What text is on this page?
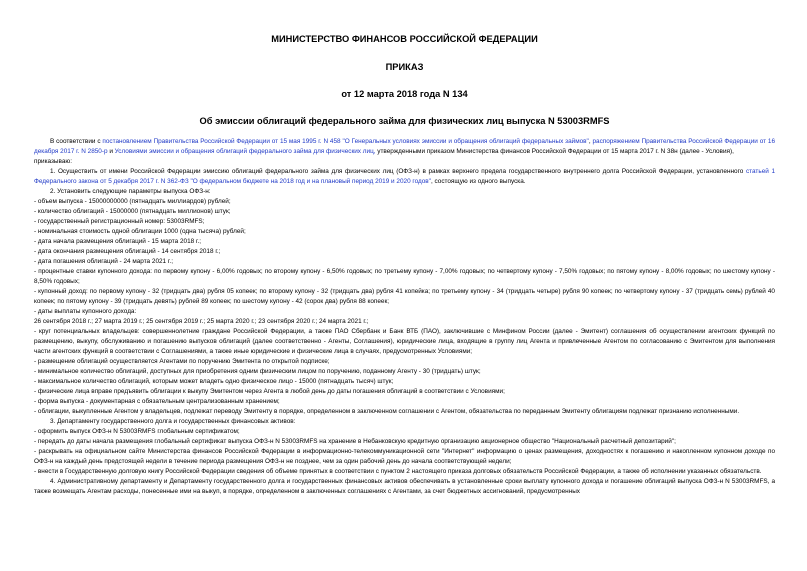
МИНИСТЕРСТВО ФИНАНСОВ РОССИЙСКОЙ ФЕДЕРАЦИИ
ПРИКАЗ
от 12 марта 2018 года N 134
Об эмиссии облигаций федерального займа для физических лиц выпуска N 53003RMFS

В соответствии с постановлением Правительства Российской Федерации от 15 мая 1995 г. N 458 "О Генеральных условиях эмиссии и обращения облигаций федеральных займов", распоряжением Правительства Российской Федерации от 16 декабря 2017 г. N 2850-р и Условиями эмиссии и обращения облигаций федерального займа для физических лиц, утвержденными приказом Министерства финансов Российской Федерации от 15 марта 2017 г. N 38н (далее - Условия),

приказываю:

1. Осуществить от имени Российской Федерации эмиссию облигаций федерального займа для физических лиц (ОФЗ-н) в рамках верхнего предела государственного внутреннего долга Российской Федерации, установленного статьей 1 Федерального закона от 5 декабря 2017 г. N 362-ФЗ "О федеральном бюджете на 2018 год и на плановый период 2019 и 2020 годов", состоящую из одного выпуска.

2. Установить следующие параметры выпуска ОФЗ-н:

- объем выпуска - 15000000000 (пятнадцать миллиардов) рублей;

- количество облигаций - 15000000 (пятнадцать миллионов) штук;

- государственный регистрационный номер: 53003RMFS;

- номинальная стоимость одной облигации 1000 (одна тысяча) рублей;

- дата начала размещения облигаций - 15 марта 2018 г.;

- дата окончания размещения облигаций - 14 сентября 2018 г.;

- дата погашения облигаций - 24 марта 2021 г.;

- процентные ставки купонного дохода: по первому купону - 6,00% годовых; по второму купону - 6,50% годовых; по третьему купону - 7,00% годовых; по четвертому купону - 7,50% годовых; по пятому купону - 8,00% годовых; по шестому купону - 8,50% годовых;

- купонный доход: по первому купону - 32 (тридцать два) рубля 05 копеек; по второму купону - 32 (тридцать два) рубля 41 копейка; по третьему купону - 34 (тридцать четыре) рубля 90 копеек; по четвертому купону - 37 (тридцать семь) рублей 40 копеек; по пятому купону - 39 (тридцать девять) рублей 89 копеек; по шестому купону - 42 (сорок два) рубля 88 копеек;

- даты выплаты купонного дохода:

26 сентября 2018 г.; 27 марта 2019 г.; 25 сентября 2019 г.; 25 марта 2020 г.; 23 сентября 2020 г.; 24 марта 2021 г.;

- круг потенциальных владельцев: совершеннолетние граждане Российской Федерации, а также ПАО Сбербанк и Банк ВТБ (ПАО), заключившие с Минфином России (далее - Эмитент) соглашения об осуществлении агентских функций по размещению, выкупу, обслуживанию и погашению выпусков облигаций (далее соответственно - Агенты, Соглашения), юридические лица, входящие в группу лиц Агента и привлеченные Агентом по согласованию с Эмитентом для выполнения части агентских функций в соответствии с Соглашениями, а также иные юридические и физические лица в случаях, предусмотренных Условиями;

- размещение облигаций осуществляется Агентами по поручению Эмитента по открытой подписке;

- минимальное количество облигаций, доступных для приобретения одним физическим лицом по поручению, поданному Агенту - 30 (тридцать) штук;

- максимальное количество облигаций, которым может владеть одно физическое лицо - 15000 (пятнадцать тысяч) штук;

- физические лица вправе предъявить облигации к выкупу Эмитентом через Агента в любой день до даты погашения облигаций в соответствии с Условиями;

- форма выпуска - документарная с обязательным централизованным хранением;

- облигации, выкупленные Агентом у владельцев, подлежат переводу Эмитенту в порядке, определенном в заключенном соглашении с Агентом, обязательства по переданным Эмитенту облигациям подлежат признанию исполненными.

3. Департаменту государственного долга и государственных финансовых активов:

- оформить выпуск ОФЗ-н N 53003RMFS глобальным сертификатом;

- передать до даты начала размещения глобальный сертификат выпуска ОФЗ-н N 53003RMFS на хранение в Небанковскую кредитную организацию акционерное общество "Национальный расчетный депозитарий";

- раскрывать на официальном сайте Министерства финансов Российской Федерации в информационно-телекоммуникационной сети "Интернет" информацию о ценах размещения, доходностях к погашению и накопленном купонном доходе по ОФЗ-н на каждый день предстоящей недели в течение периода размещения ОФЗ-н не позднее, чем за один рабочий день до начала соответствующей недели;

- внести в Государственную долговую книгу Российской Федерации сведения об объеме принятых в соответствии с пунктом 2 настоящего приказа долговых обязательств Российской Федерации, а также об исполнении указанных обязательств.

4. Административному департаменту и Департаменту государственного долга и государственных финансовых активов обеспечивать в установленные сроки выплату купонного дохода и погашение облигаций выпуска ОФЗ-н N 53003RMFS, а также возмещать Агентам расходы, понесенные ими на выкуп, в порядке, определенном в заключенных соглашениях с Агентами, за счет бюджетных ассигнований, предусмотренных
